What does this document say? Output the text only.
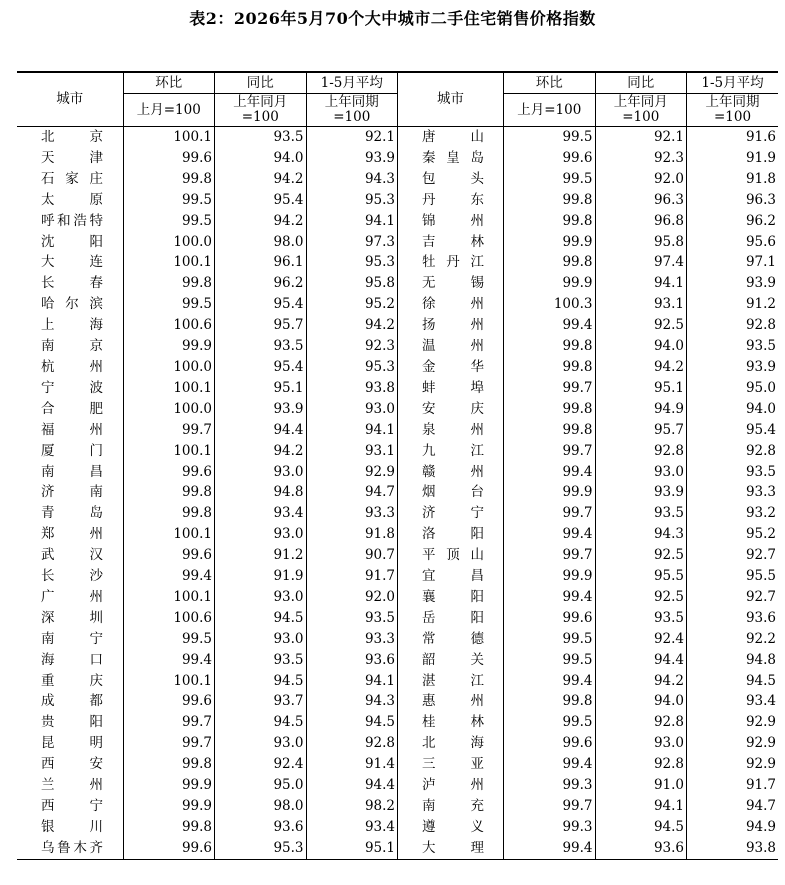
表2：2026年5月70个大中城市二手住宅销售价格指数
城市	环比	同比	1-5月平均	城市	环比	同比	1-5月平均
	上月=100	上年同月=100	上年同期=100		上月=100	上年同月=100	上年同期=100

北京	100.1	93.5	92.1	唐山	99.5	92.1	91.6

天津	99.6	94.0	93.9	秦皇岛	99.6	92.3	91.9

石家庄	99.8	94.2	94.3	包头	99.5	92.0	91.8

太原	99.5	95.4	95.3	丹东	99.8	96.3	96.3

呼和浩特	99.5	94.2	94.1	锦州	99.8	96.8	96.2

沈阳	100.0	98.0	97.3	吉林	99.9	95.8	95.6

大连	100.1	96.1	95.3	牡丹江	99.8	97.4	97.1

长春	99.8	96.2	95.8	无锡	99.9	94.1	93.9

哈尔滨	99.5	95.4	95.2	徐州	100.3	93.1	91.2

上海	100.6	95.7	94.2	扬州	99.4	92.5	92.8

南京	99.9	93.5	92.3	温州	99.8	94.0	93.5

杭州	100.0	95.4	95.3	金华	99.8	94.2	93.9

宁波	100.1	95.1	93.8	蚌埠	99.7	95.1	95.0

合肥	100.0	93.9	93.0	安庆	99.8	94.9	94.0

福州	99.7	94.4	94.1	泉州	99.8	95.7	95.4

厦门	100.1	94.2	93.1	九江	99.7	92.8	92.8

南昌	99.6	93.0	92.9	赣州	99.4	93.0	93.5

济南	99.8	94.8	94.7	烟台	99.9	93.9	93.3

青岛	99.8	93.4	93.3	济宁	99.7	93.5	93.2

郑州	100.1	93.0	91.8	洛阳	99.4	94.3	95.2

武汉	99.6	91.2	90.7	平顶山	99.7	92.5	92.7

长沙	99.4	91.9	91.7	宜昌	99.9	95.5	95.5

广州	100.1	93.0	92.0	襄阳	99.4	92.5	92.7

深圳	100.6	94.5	93.5	岳阳	99.6	93.5	93.6

南宁	99.5	93.0	93.3	常德	99.5	92.4	92.2

海口	99.4	93.5	93.6	韶关	99.5	94.4	94.8

重庆	100.1	94.5	94.1	湛江	99.4	94.2	94.5

成都	99.6	93.7	94.3	惠州	99.8	94.0	93.4

贵阳	99.7	94.5	94.5	桂林	99.5	92.8	92.9

昆明	99.7	93.0	92.8	北海	99.6	93.0	92.9

西安	99.8	92.4	91.4	三亚	99.4	92.8	92.9

兰州	99.9	95.0	94.4	泸州	99.3	91.0	91.7

西宁	99.9	98.0	98.2	南充	99.7	94.1	94.7

银川	99.8	93.6	93.4	遵义	99.3	94.5	94.9

乌鲁木齐	99.6	95.3	95.1	大理	99.4	93.6	93.8
